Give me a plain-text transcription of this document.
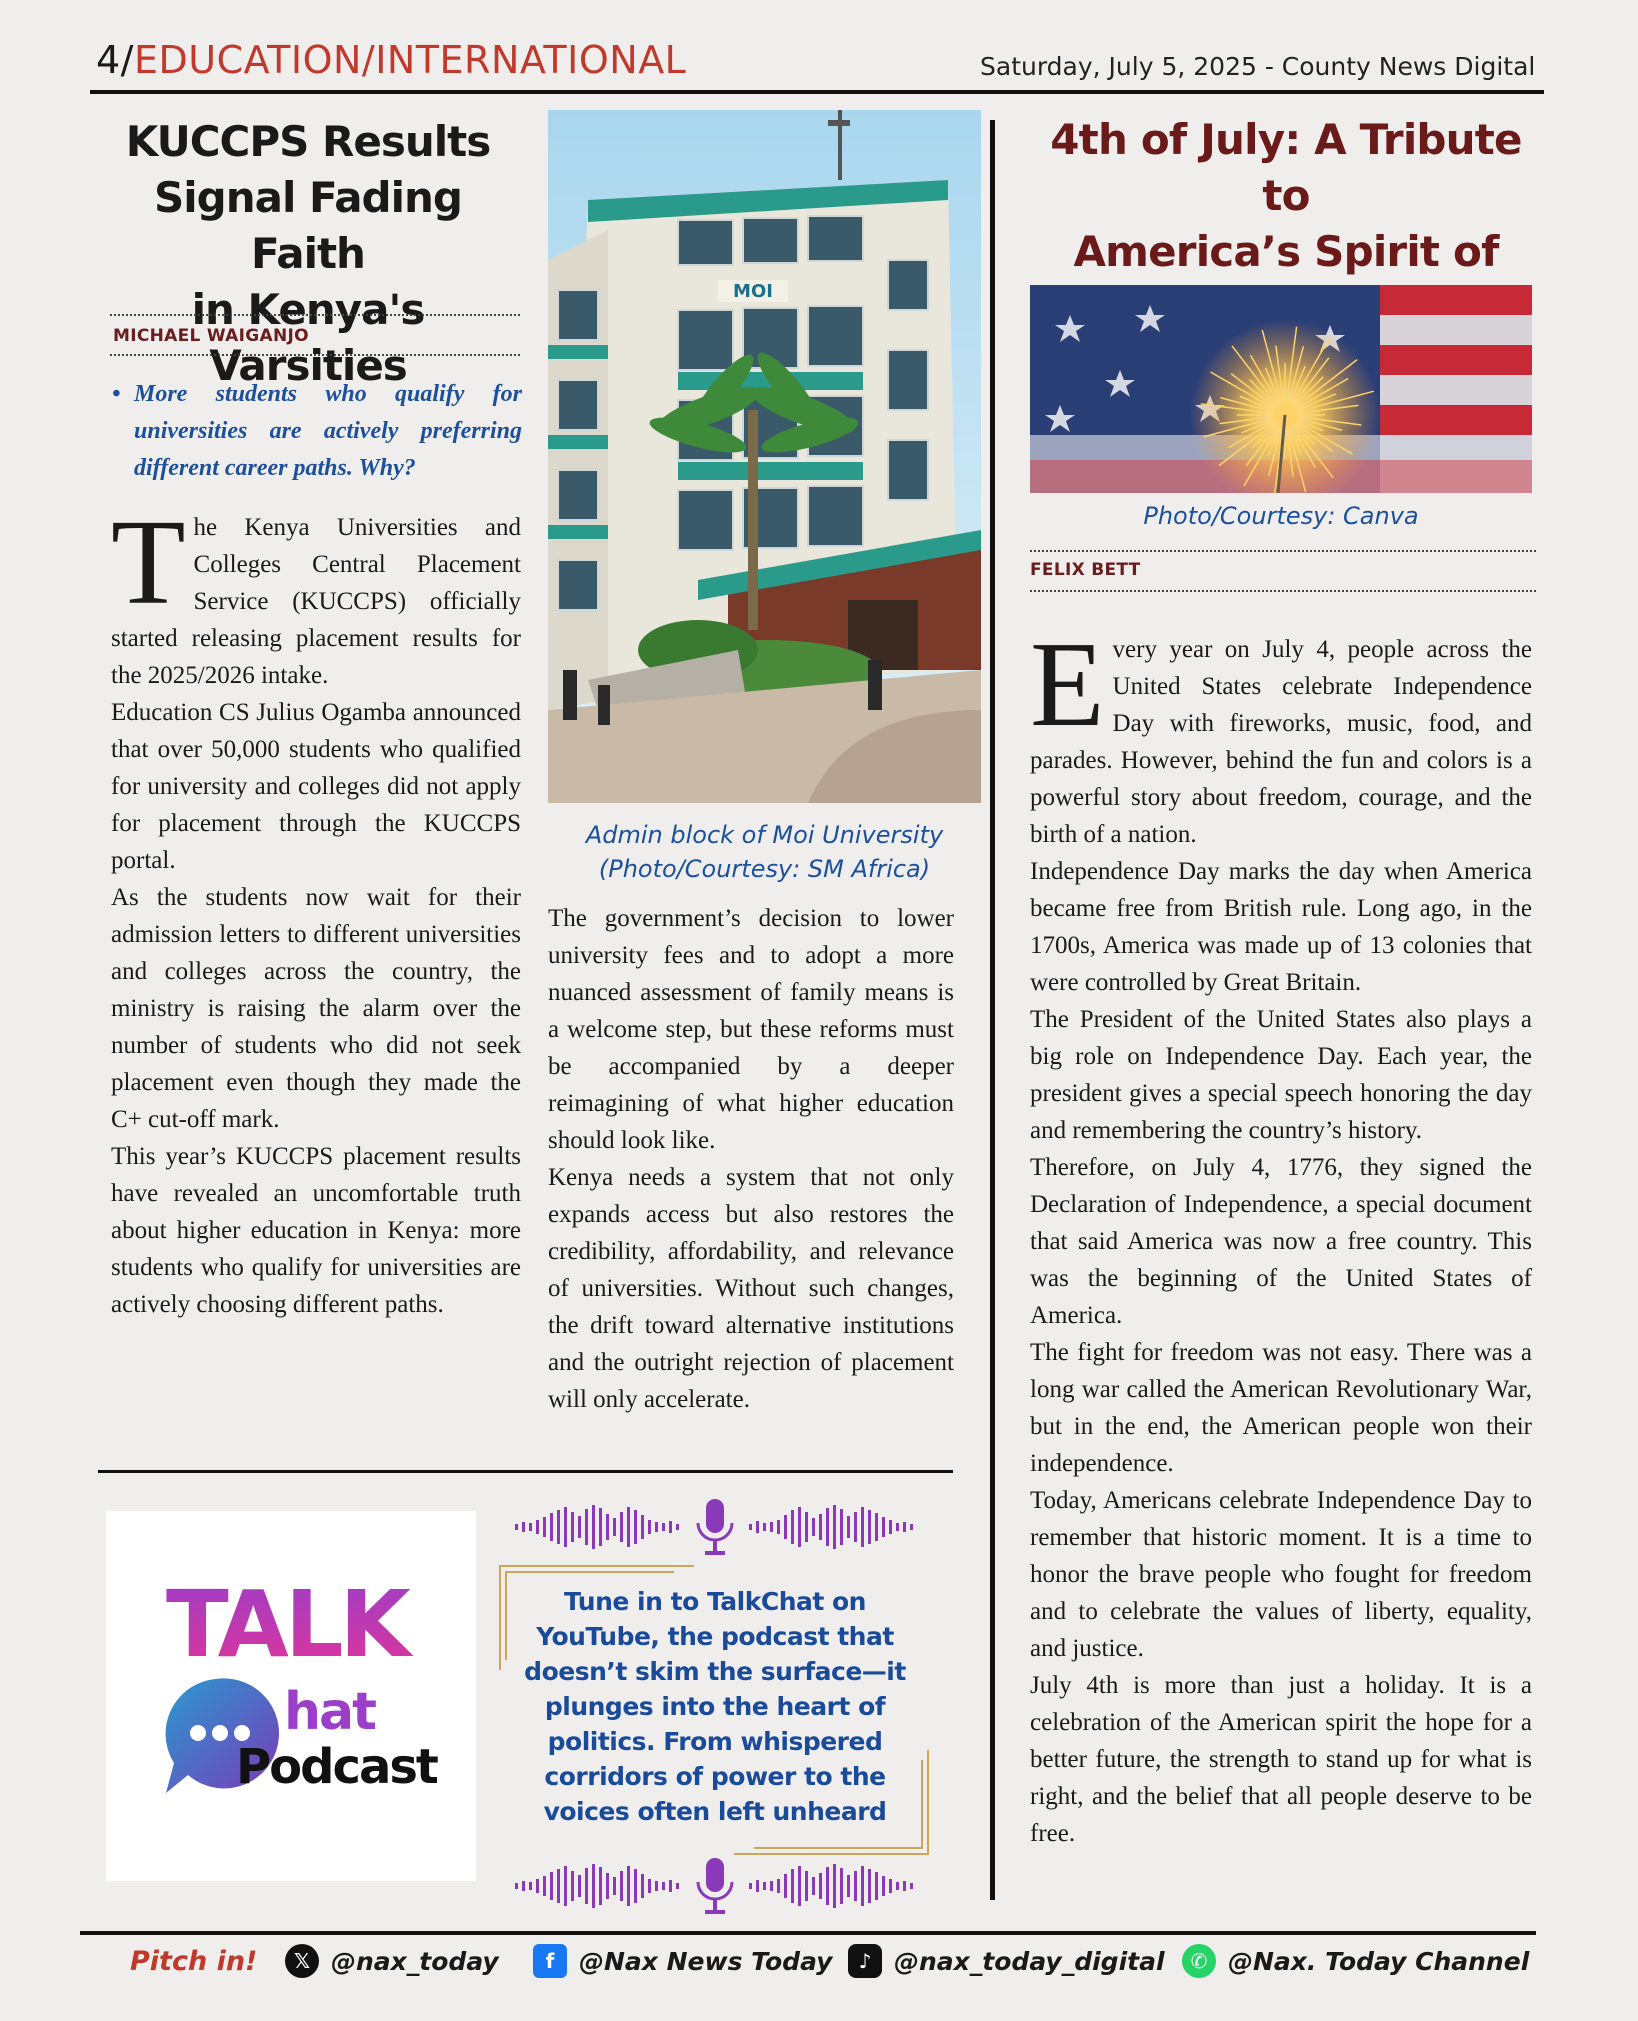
4/EDUCATION/INTERNATIONAL	Saturday, July 5, 2025 - County News Digital
KUCCPS Results
Signal Fading Faith
in Kenya's Varsities
MICHAEL WAIGANJO
• More students who qualify for universities are actively preferring different career paths. Why?

The Kenya Universities and Colleges Central Placement Service (KUCCPS) officially started releasing placement results for the 2025/2026 intake.

Education CS Julius Ogamba announced that over 50,000 students who qualified for university and colleges did not apply for placement through the KUCCPS portal.

As the students now wait for their admission letters to different universities and colleges across the country, the ministry is raising the alarm over the number of students who did not seek placement even though they made the C+ cut-off mark.

This year’s KUCCPS placement results have revealed an uncomfortable truth about higher education in Kenya: more students who qualify for universities are actively choosing different paths.

MOI
Admin block of Moi University
(Photo/Courtesy: SM Africa)

The government’s decision to lower university fees and to adopt a more nuanced assessment of family means is a welcome step, but these reforms must be accompanied by a deeper reimagining of what higher education should look like.

Kenya needs a system that not only expands access but also restores the credibility, affordability, and relevance of universities. Without such changes, the drift toward alternative institutions and the outright rejection of placement will only accelerate.

TALK
hat
Podcast
Tune in to TalkChat on YouTube, the podcast that doesn’t skim the surface—it plunges into the heart of politics. From whispered corridors of power to the voices often left unheard
4th of July: A Tribute to
America’s Spirit of
Photo/Courtesy: Canva
FELIX BETT

Every year on July 4, people across the United States celebrate Independence Day with fireworks, music, food, and parades. However, behind the fun and colors is a powerful story about freedom, courage, and the birth of a nation.

Independence Day marks the day when America became free from British rule. Long ago, in the 1700s, America was made up of 13 colonies that were controlled by Great Britain.

The President of the United States also plays a big role on Independence Day. Each year, the president gives a special speech honoring the day and remembering the country’s history.

Therefore, on July 4, 1776, they signed the Declaration of Independence, a special document that said America was now a free country. This was the beginning of the United States of America.

The fight for freedom was not easy. There was a long war called the American Revolutionary War, but in the end, the American people won their independence.

Today, Americans celebrate Independence Day to remember that historic moment. It is a time to honor the brave people who fought for freedom and to celebrate the values of liberty, equality, and justice.

July 4th is more than just a holiday. It is a celebration of the American spirit the hope for a better future, the strength to stand up for what is right, and the belief that all people deserve to be free.

Pitch in!	𝕏 @nax_today	f @Nax News Today	♪ @nax_today_digital	✆ @Nax. Today Channel
